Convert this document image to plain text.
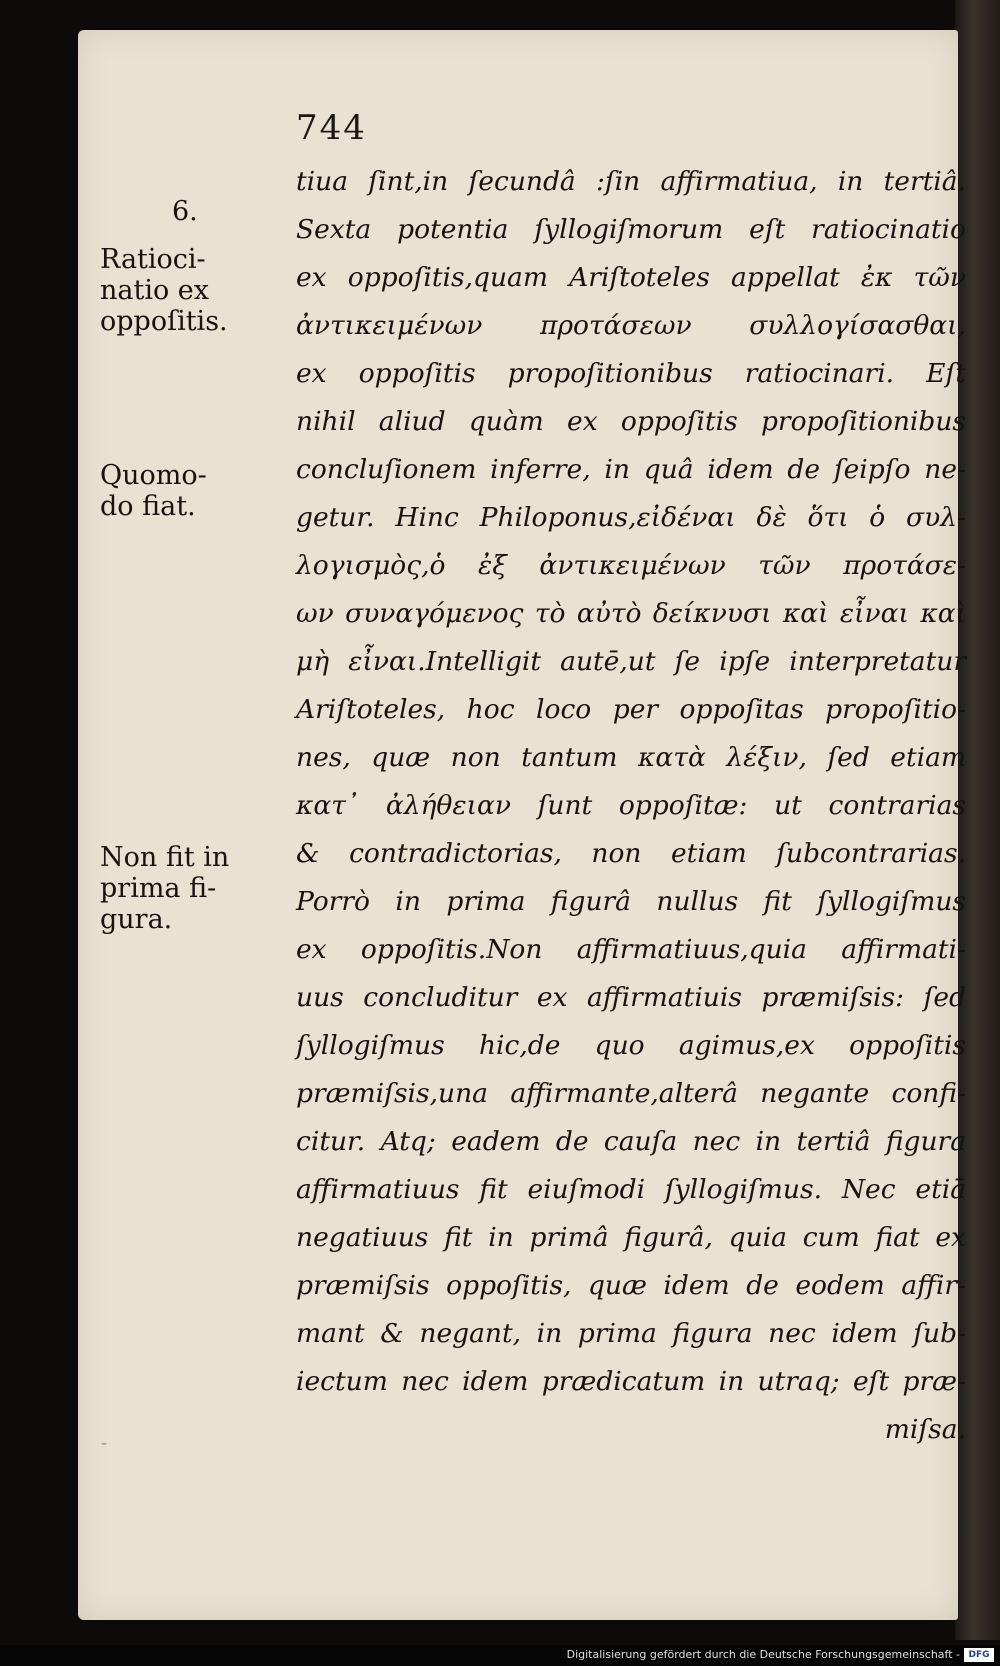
744
tiua ſint,in ſecundâ :ſin affirmatiua, in tertiâ.
Sexta potentia ſyllogiſmorum eſt ratiocinatio
ex oppoſitis,quam Ariſtoteles appellat ἐκ τῶν
ἀντικειμένων προτάσεων συλλογίσασθαι,
ex oppoſitis propoſitionibus ratiocinari. Eſt
nihil aliud quàm ex oppoſitis propoſitionibus
concluſionem inferre, in quâ idem de ſeipſo ne-
getur. Hinc Philoponus,εἰδέναι δὲ ὅτι ὁ συλ-
λογισμὸς,ὁ ἐξ ἀντικειμένων τῶν προτάσε-
ων συναγόμενος τὸ αὐτὸ δείκνυσι καὶ εἶναι καὶ
μὴ εἶναι.Intelligit autē,ut ſe ipſe interpretatur
Ariſtoteles, hoc loco per oppoſitas propoſitio-
nes, quæ non tantum κατὰ λέξιν, ſed etiam
κατ᾽ ἀλήθειαν ſunt oppoſitæ: ut contrarias
& contradictorias, non etiam ſubcontrarias.
Porrò in prima figurâ nullus fit ſyllogiſmus
ex oppoſitis.Non affirmatiuus,quia affirmati-
uus concluditur ex affirmatiuis præmiſsis: ſed
ſyllogiſmus hic,de quo agimus,ex oppoſitis
præmiſsis,una affirmante,alterâ negante confi-
citur. Atq; eadem de cauſa nec in tertiâ figura
affirmatiuus fit eiuſmodi ſyllogiſmus. Nec etiā
negatiuus fit in primâ figurâ, quia cum fiat ex
præmiſsis oppoſitis, quæ idem de eodem affir-
mant & negant, in prima figura nec idem ſub-
iectum nec idem prædicatum in utraq; eſt præ-
miſsa.
6.
Ratioci-
natio ex
oppoſitis.
Quomo-
do fiat.
Non fit in
prima fi-
gura.
ˉ
Digitalisierung gefördert durch die Deutsche Forschungsgemeinschaft - DFG
